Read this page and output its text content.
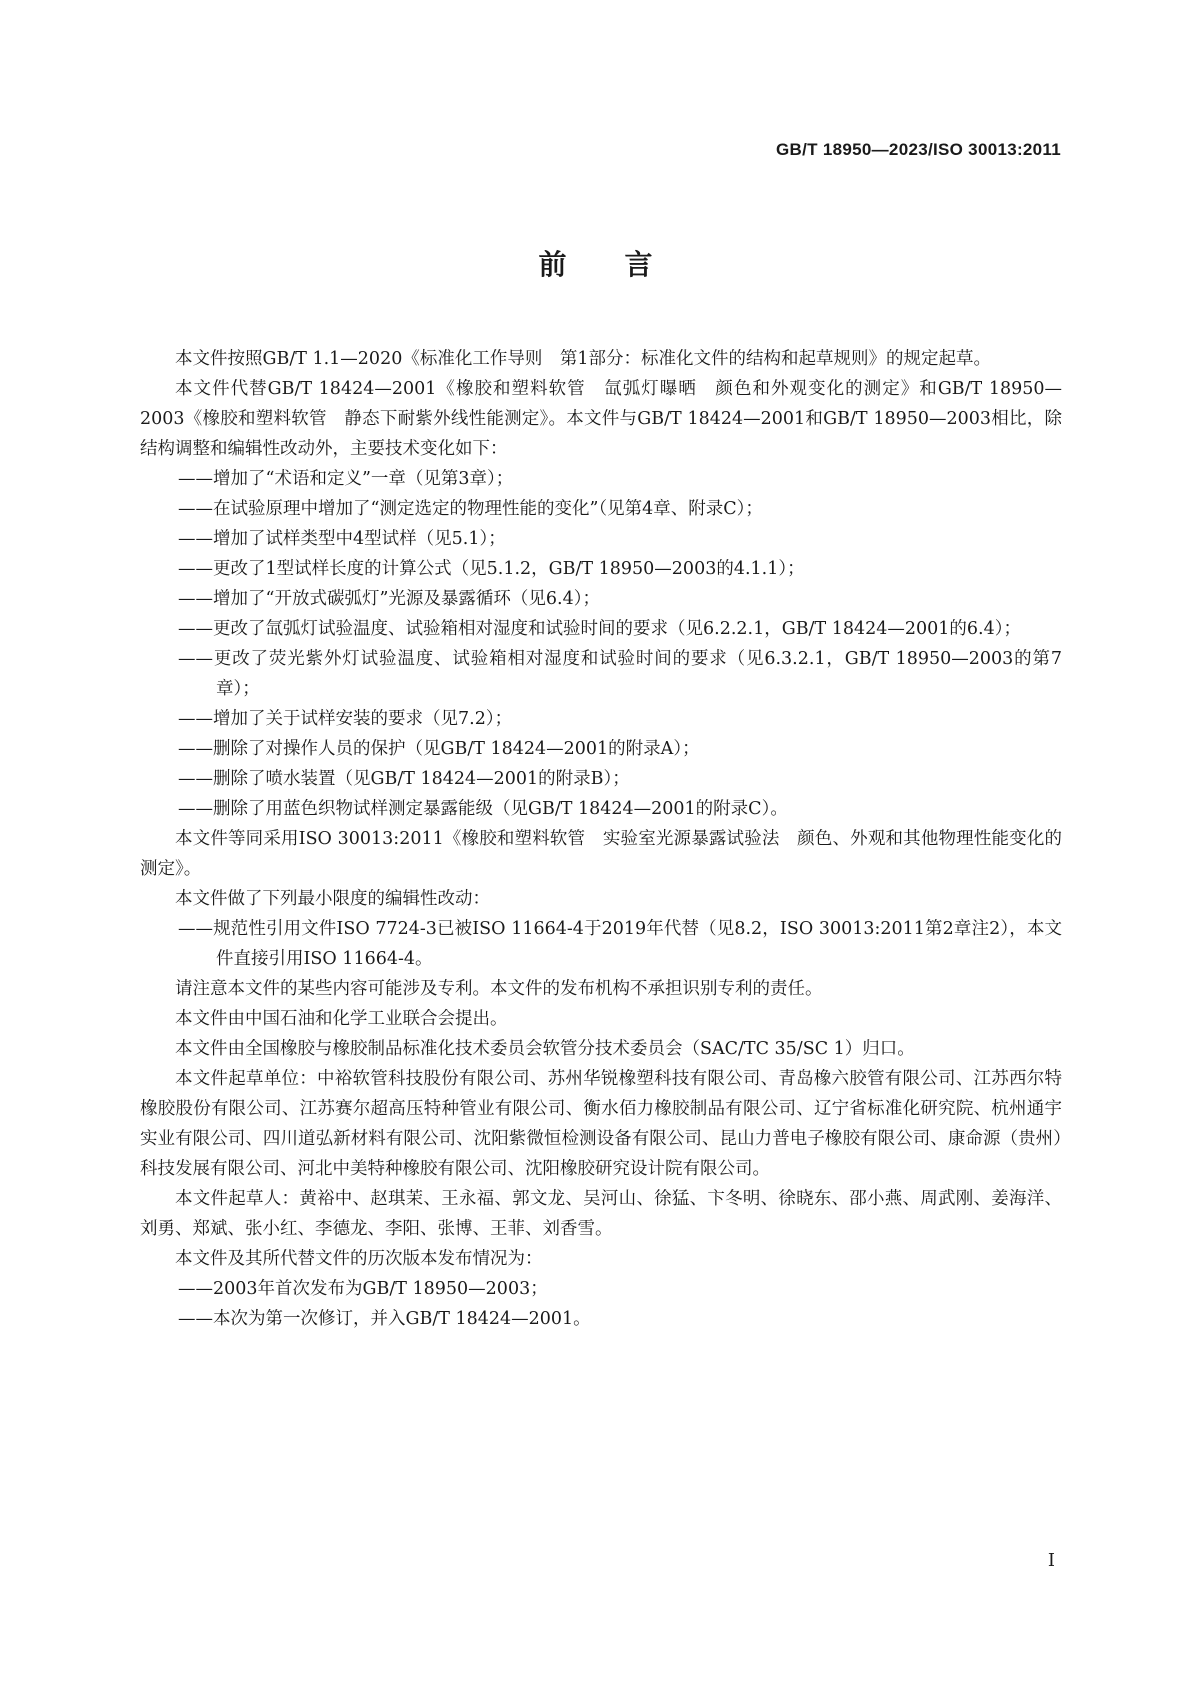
GB/T 18950—2023/ISO 30013:2011
前言

本文件按照GB/T 1.1—2020《标准化工作导则　第1部分：标准化文件的结构和起草规则》的规定起草。

本文件代替GB/T 18424—2001《橡胶和塑料软管　氙弧灯曝晒　颜色和外观变化的测定》和GB/T 18950—2003《橡胶和塑料软管　静态下耐紫外线性能测定》。本文件与GB/T 18424—2001和GB/T 18950—2003相比，除结构调整和编辑性改动外，主要技术变化如下：

——增加了“术语和定义”一章（见第3章）；

——在试验原理中增加了“测定选定的物理性能的变化”（见第4章、附录C）；

——增加了试样类型中4型试样（见5.1）；

——更改了1型试样长度的计算公式（见5.1.2，GB/T 18950—2003的4.1.1）；

——增加了“开放式碳弧灯”光源及暴露循环（见6.4）；

——更改了氙弧灯试验温度、试验箱相对湿度和试验时间的要求（见6.2.2.1，GB/T 18424—2001的6.4）；

——更改了荧光紫外灯试验温度、试验箱相对湿度和试验时间的要求（见6.3.2.1，GB/T 18950—2003的第7章）；

——增加了关于试样安装的要求（见7.2）；

——删除了对操作人员的保护（见GB/T 18424—2001的附录A）；

——删除了喷水装置（见GB/T 18424—2001的附录B）；

——删除了用蓝色织物试样测定暴露能级（见GB/T 18424—2001的附录C）。

本文件等同采用ISO 30013:2011《橡胶和塑料软管　实验室光源暴露试验法　颜色、外观和其他物理性能变化的测定》。

本文件做了下列最小限度的编辑性改动：

——规范性引用文件ISO 7724-3已被ISO 11664-4于2019年代替（见8.2，ISO 30013:2011第2章注2），本文件直接引用ISO 11664-4。

请注意本文件的某些内容可能涉及专利。本文件的发布机构不承担识别专利的责任。

本文件由中国石油和化学工业联合会提出。

本文件由全国橡胶与橡胶制品标准化技术委员会软管分技术委员会（SAC/TC 35/SC 1）归口。

本文件起草单位：中裕软管科技股份有限公司、苏州华锐橡塑科技有限公司、青岛橡六胶管有限公司、江苏西尔特橡胶股份有限公司、江苏赛尔超高压特种管业有限公司、衡水佰力橡胶制品有限公司、辽宁省标准化研究院、杭州通宇实业有限公司、四川道弘新材料有限公司、沈阳紫微恒检测设备有限公司、昆山力普电子橡胶有限公司、康命源（贵州）科技发展有限公司、河北中美特种橡胶有限公司、沈阳橡胶研究设计院有限公司。

本文件起草人：黄裕中、赵琪茉、王永福、郭文龙、吴河山、徐猛、卞冬明、徐晓东、邵小燕、周武刚、姜海洋、刘勇、郑斌、张小红、李德龙、李阳、张博、王菲、刘香雪。

本文件及其所代替文件的历次版本发布情况为：

——2003年首次发布为GB/T 18950—2003；

——本次为第一次修订，并入GB/T 18424—2001。

I
